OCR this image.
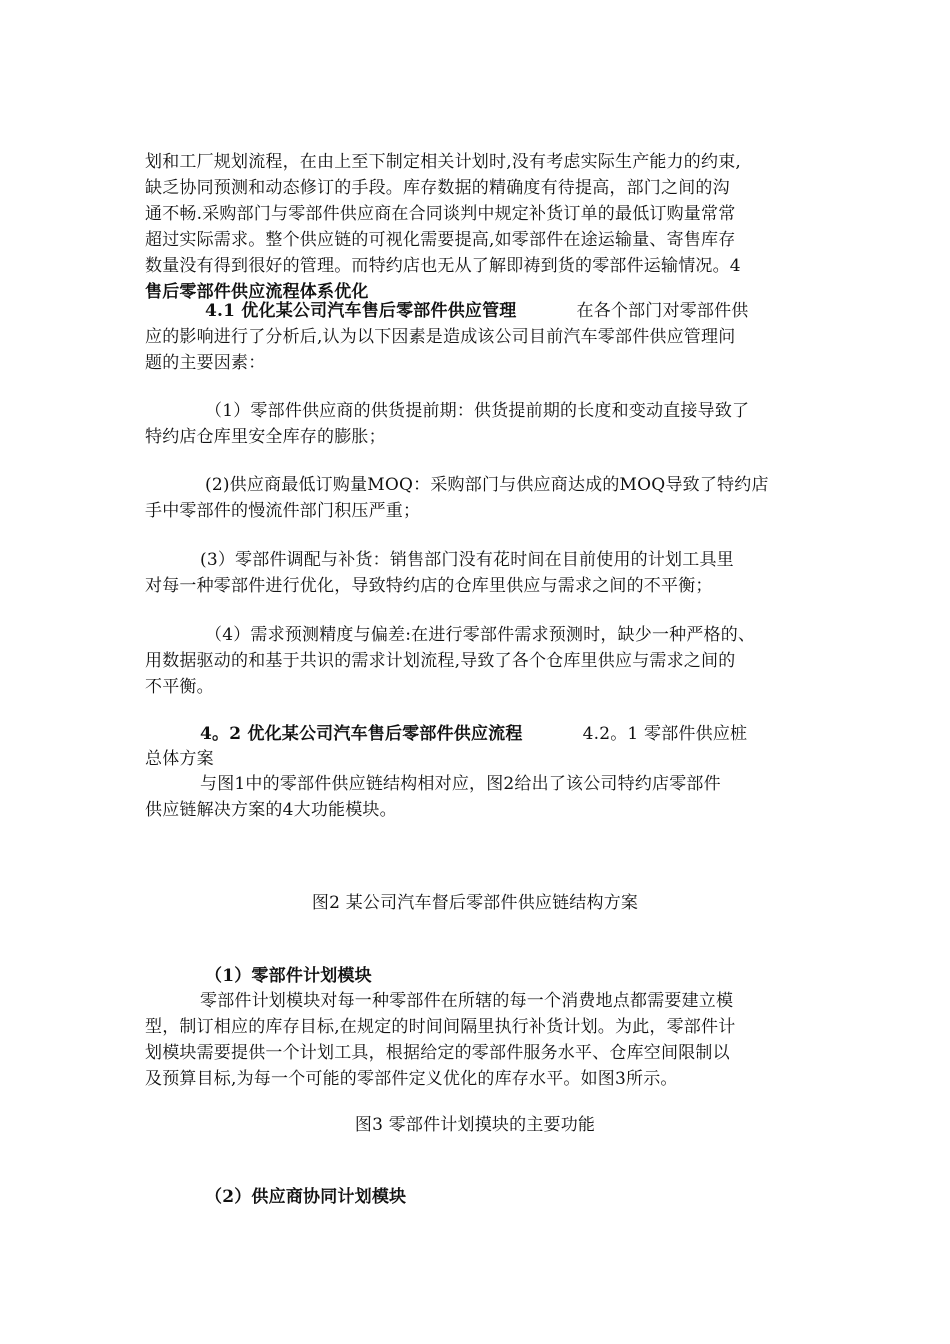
划和工厂规划流程，在由上至下制定相关计划时,没有考虑实际生产能力的约束,
缺乏协同预测和动态修订的手段。库存数据的精确度有待提高，部门之间的沟
通不畅.采购部门与零部件供应商在合同谈判中规定补货订单的最低订购量常常
超过实际需求。整个供应链的可视化需要提高,如零部件在途运输量、寄售库存
数量没有得到很好的管理。而特约店也无从了解即祷到货的零部件运输情况。4
售后零部件供应流程体系优化
4.1 优化某公司汽车售后零部件供应管理	在各个部门对零部件供
应的影响进行了分析后,认为以下因素是造成该公司目前汽车零部件供应管理问
题的主要因素：
（1）零部件供应商的供货提前期：供货提前期的长度和变动直接导致了
特约店仓库里安全库存的膨胀；
(2)供应商最低订购量MOQ：采购部门与供应商达成的MOQ导致了特约店
手中零部件的慢流件部门积压严重；
(3）零部件调配与补货：销售部门没有花时间在目前使用的计划工具里
对每一种零部件进行优化，导致特约店的仓库里供应与需求之间的不平衡；
（4）需求预测精度与偏差:在进行零部件需求预测时，缺少一种严格的、
用数据驱动的和基于共识的需求计划流程,导致了各个仓库里供应与需求之间的
不平衡。
4。2 优化某公司汽车售后零部件供应流程	4.2。1 零部件供应桩
总体方案
与图1中的零部件供应链结构相对应，图2给出了该公司特约店零部件
供应链解决方案的4大功能模块。
图2 某公司汽车督后零部件供应链结构方案
（1）零部件计划模块
零部件计划模块对每一种零部件在所辖的每一个消费地点都需要建立模
型，制订相应的库存目标,在规定的时间间隔里执行补货计划。为此，零部件计
划模块需要提供一个计划工具，根据给定的零部件服务水平、仓库空间限制以
及预算目标,为每一个可能的零部件定义优化的库存水平。如图3所示。
图3 零部件计划摸块的主要功能
（2）供应商协同计划模块
